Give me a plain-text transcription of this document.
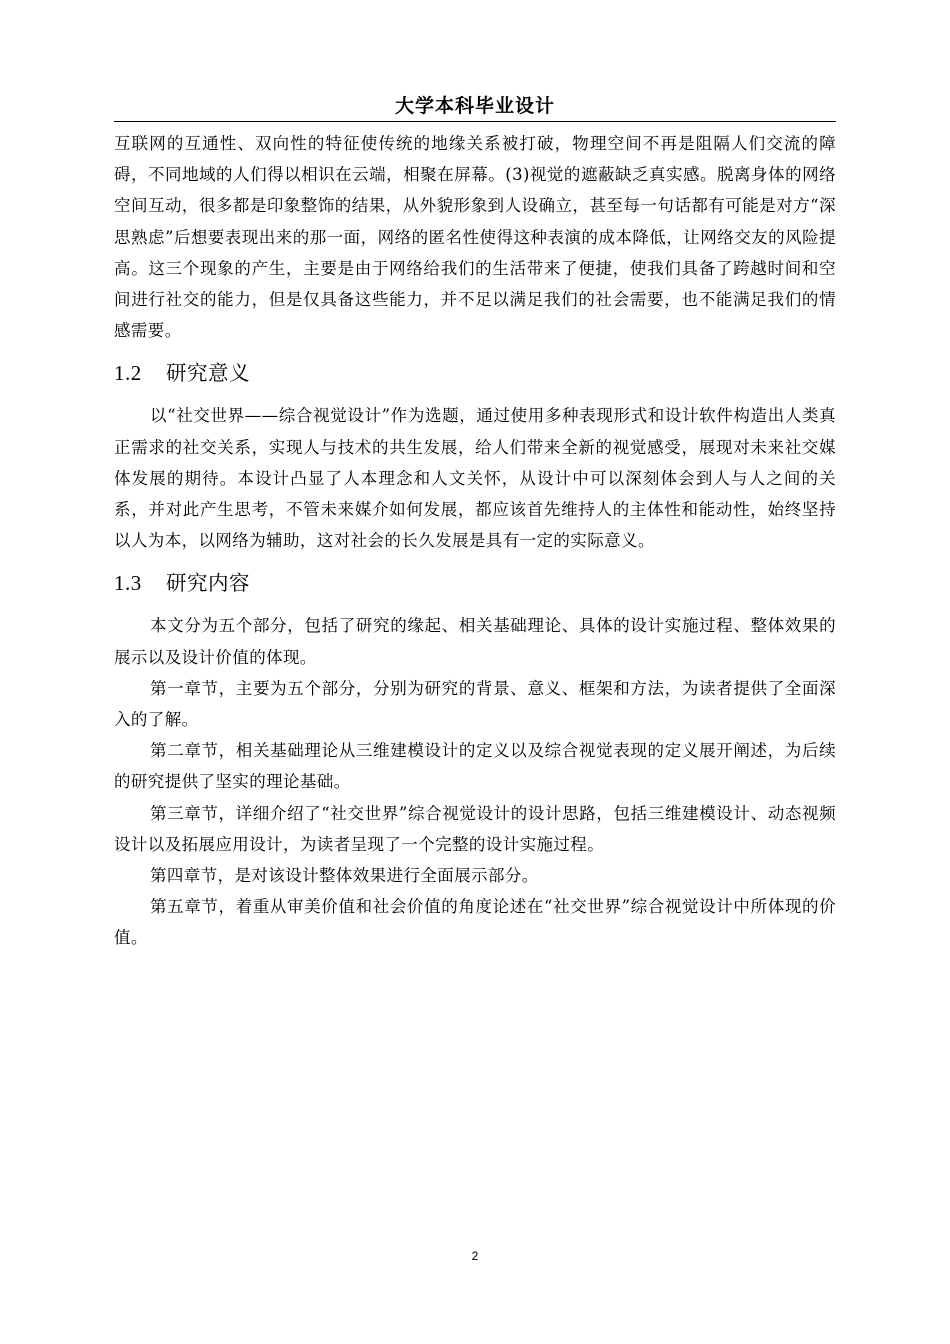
大学本科毕业设计

互联网的互通性、双向性的特征使传统的地缘关系被打破，物理空间不再是阻隔人们交流的障碍，不同地域的人们得以相识在云端，相聚在屏幕。(3)视觉的遮蔽缺乏真实感。脱离身体的网络空间互动，很多都是印象整饰的结果，从外貌形象到人设确立，甚至每一句话都有可能是对方“深思熟虑”后想要表现出来的那一面，网络的匿名性使得这种表演的成本降低，让网络交友的风险提高。这三个现象的产生，主要是由于网络给我们的生活带来了便捷，使我们具备了跨越时间和空间进行社交的能力，但是仅具备这些能力，并不足以满足我们的社会需要，也不能满足我们的情感需要。

1.2 研究意义

以“社交世界——综合视觉设计”作为选题，通过使用多种表现形式和设计软件构造出人类真正需求的社交关系，实现人与技术的共生发展，给人们带来全新的视觉感受，展现对未来社交媒体发展的期待。本设计凸显了人本理念和人文关怀，从设计中可以深刻体会到人与人之间的关系，并对此产生思考，不管未来媒介如何发展，都应该首先维持人的主体性和能动性，始终坚持以人为本，以网络为辅助，这对社会的长久发展是具有一定的实际意义。

1.3 研究内容

本文分为五个部分，包括了研究的缘起、相关基础理论、具体的设计实施过程、整体效果的展示以及设计价值的体现。

第一章节，主要为五个部分，分别为研究的背景、意义、框架和方法，为读者提供了全面深入的了解。

第二章节，相关基础理论从三维建模设计的定义以及综合视觉表现的定义展开阐述，为后续的研究提供了坚实的理论基础。

第三章节，详细介绍了“社交世界”综合视觉设计的设计思路，包括三维建模设计、动态视频设计以及拓展应用设计，为读者呈现了一个完整的设计实施过程。

第四章节，是对该设计整体效果进行全面展示部分。

第五章节，着重从审美价值和社会价值的角度论述在“社交世界”综合视觉设计中所体现的价值。

2
